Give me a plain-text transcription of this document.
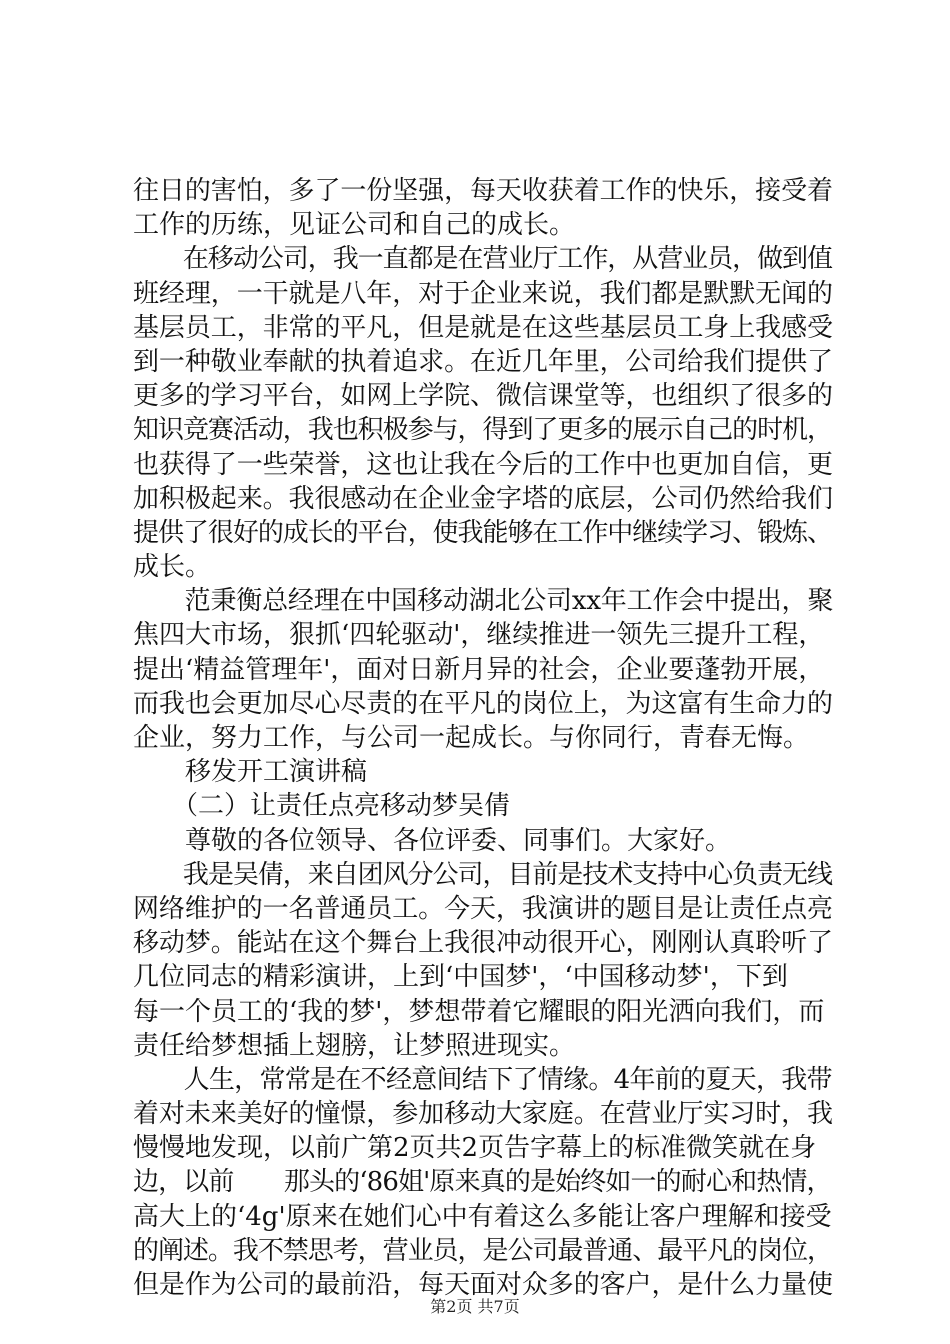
往日的害怕，多了一份坚强，每天收获着工作的快乐，接受着
工作的历练，见证公司和自己的成长。
　　在移动公司，我一直都是在营业厅工作，从营业员，做到值
班经理，一干就是八年，对于企业来说，我们都是默默无闻的
基层员工，非常的平凡，但是就是在这些基层员工身上我感受
到一种敬业奉献的执着追求。在近几年里，公司给我们提供了
更多的学习平台，如网上学院、微信课堂等，也组织了很多的
知识竞赛活动，我也积极参与，得到了更多的展示自己的时机，
也获得了一些荣誉，这也让我在今后的工作中也更加自信，更
加积极起来。我很感动在企业金字塔的底层，公司仍然给我们
提供了很好的成长的平台，使我能够在工作中继续学习、锻炼、
成长。
　　范秉衡总经理在中国移动湖北公司xx年工作会中提出，聚
焦四大市场，狠抓‘四轮驱动'，继续推进一领先三提升工程，
提出‘精益管理年'，面对日新月异的社会，企业要蓬勃开展，
而我也会更加尽心尽责的在平凡的岗位上，为这富有生命力的
企业，努力工作，与公司一起成长。与你同行，青春无悔。
　　移发开工演讲稿
　　（二）让责任点亮移动梦吴倩
　　尊敬的各位领导、各位评委、同事们。大家好。
　　我是吴倩，来自团风分公司，目前是技术支持中心负责无线
网络维护的一名普通员工。今天，我演讲的题目是让责任点亮
移动梦。能站在这个舞台上我很冲动很开心，刚刚认真聆听了
几位同志的精彩演讲，上到‘中国梦'，‘中国移动梦'，下到
每一个员工的‘我的梦'，梦想带着它耀眼的阳光洒向我们，而
责任给梦想插上翅膀，让梦照进现实。
　　人生，常常是在不经意间结下了情缘。4年前的夏天，我带
着对未来美好的憧憬，参加移动大家庭。在营业厅实习时，我
慢慢地发现，以前广第2页共2页告字幕上的标准微笑就在身
边，以前　　那头的‘86姐'原来真的是始终如一的耐心和热情，
高大上的‘4g'原来在她们心中有着这么多能让客户理解和接受
的阐述。我不禁思考，营业员，是公司最普通、最平凡的岗位，
但是作为公司的最前沿，每天面对众多的客户，是什么力量使
第2页 共7页
